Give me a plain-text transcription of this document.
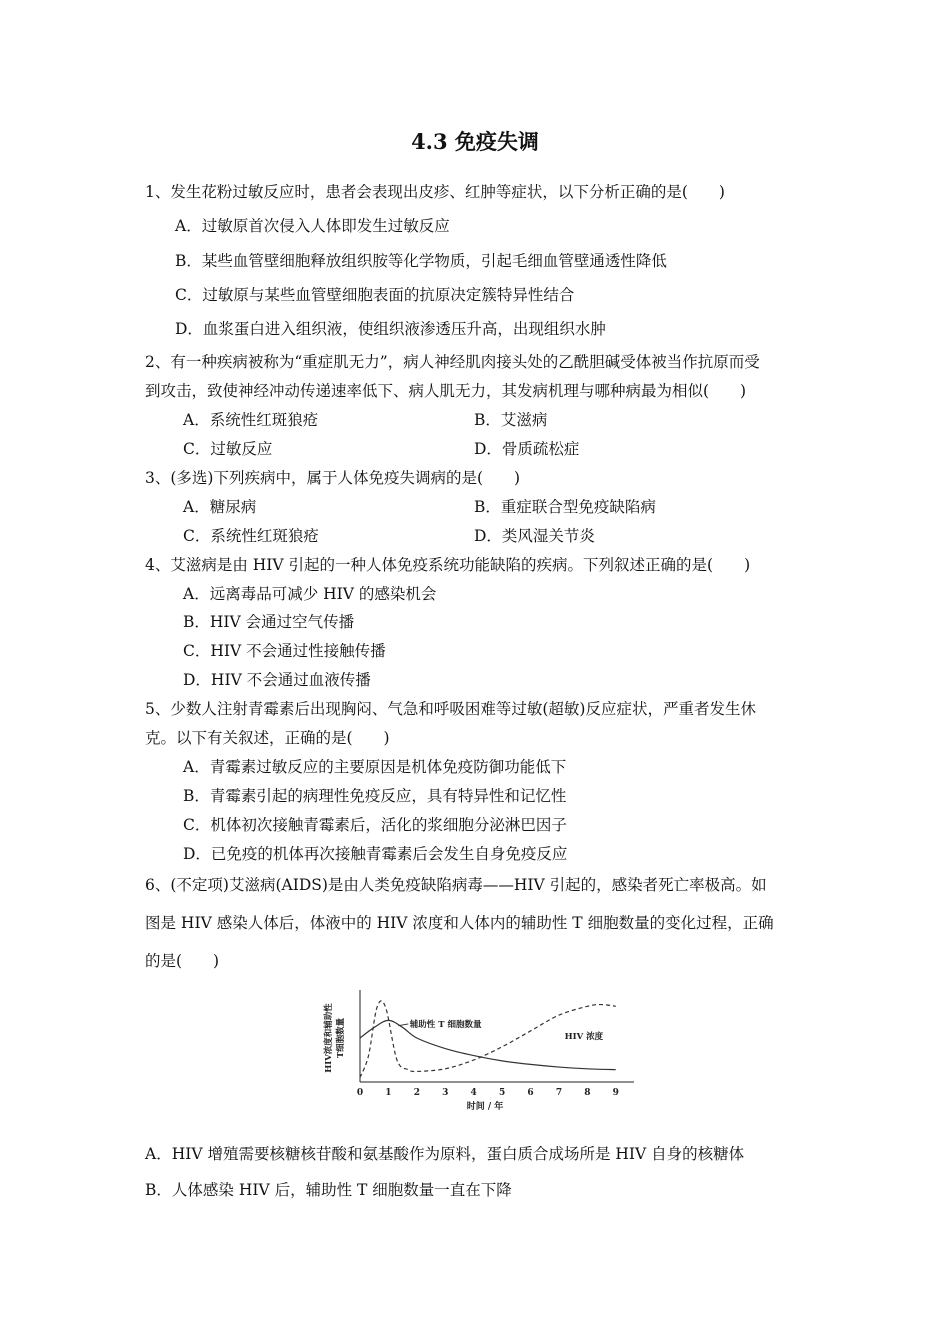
4.3 免疫失调
1、发生花粉过敏反应时，患者会表现出皮疹、红肿等症状，以下分析正确的是(　　)
A．过敏原首次侵入人体即发生过敏反应
B．某些血管壁细胞释放组织胺等化学物质，引起毛细血管壁通透性降低
C．过敏原与某些血管壁细胞表面的抗原决定簇特异性结合
D．血浆蛋白进入组织液，使组织液渗透压升高，出现组织水肿
2、有一种疾病被称为“重症肌无力”，病人神经肌肉接头处的乙酰胆碱受体被当作抗原而受
到攻击，致使神经冲动传递速率低下、病人肌无力，其发病机理与哪种病最为相似(　　)
A．系统性红斑狼疮	B．艾滋病
C．过敏反应	D．骨质疏松症
3、(多选)下列疾病中，属于人体免疫失调病的是(　　)
A．糖尿病	B．重症联合型免疫缺陷病
C．系统性红斑狼疮	D．类风湿关节炎
4、艾滋病是由 HIV 引起的一种人体免疫系统功能缺陷的疾病。下列叙述正确的是(　　)
A．远离毒品可减少 HIV 的感染机会
B．HIV 会通过空气传播
C．HIV 不会通过性接触传播
D．HIV 不会通过血液传播
5、少数人注射青霉素后出现胸闷、气急和呼吸困难等过敏(超敏)反应症状，严重者发生休
克。以下有关叙述，正确的是(　　)
A．青霉素过敏反应的主要原因是机体免疫防御功能低下
B．青霉素引起的病理性免疫反应，具有特异性和记忆性
C．机体初次接触青霉素后，活化的浆细胞分泌淋巴因子
D．已免疫的机体再次接触青霉素后会发生自身免疫反应
6、(不定项)艾滋病(AIDS)是由人类免疫缺陷病毒——HIV 引起的，感染者死亡率极高。如
图是 HIV 感染人体后，体液中的 HIV 浓度和人体内的辅助性 T 细胞数量的变化过程，正确
的是(　　)
0 1 2 3 4 5 6 7 8 9
时间 / 年
HIV浓度和辅助性 T细胞数量	辅助性 T 细胞数量
HIV 浓度
A．HIV 增殖需要核糖核苷酸和氨基酸作为原料，蛋白质合成场所是 HIV 自身的核糖体
B．人体感染 HIV 后，辅助性 T 细胞数量一直在下降
